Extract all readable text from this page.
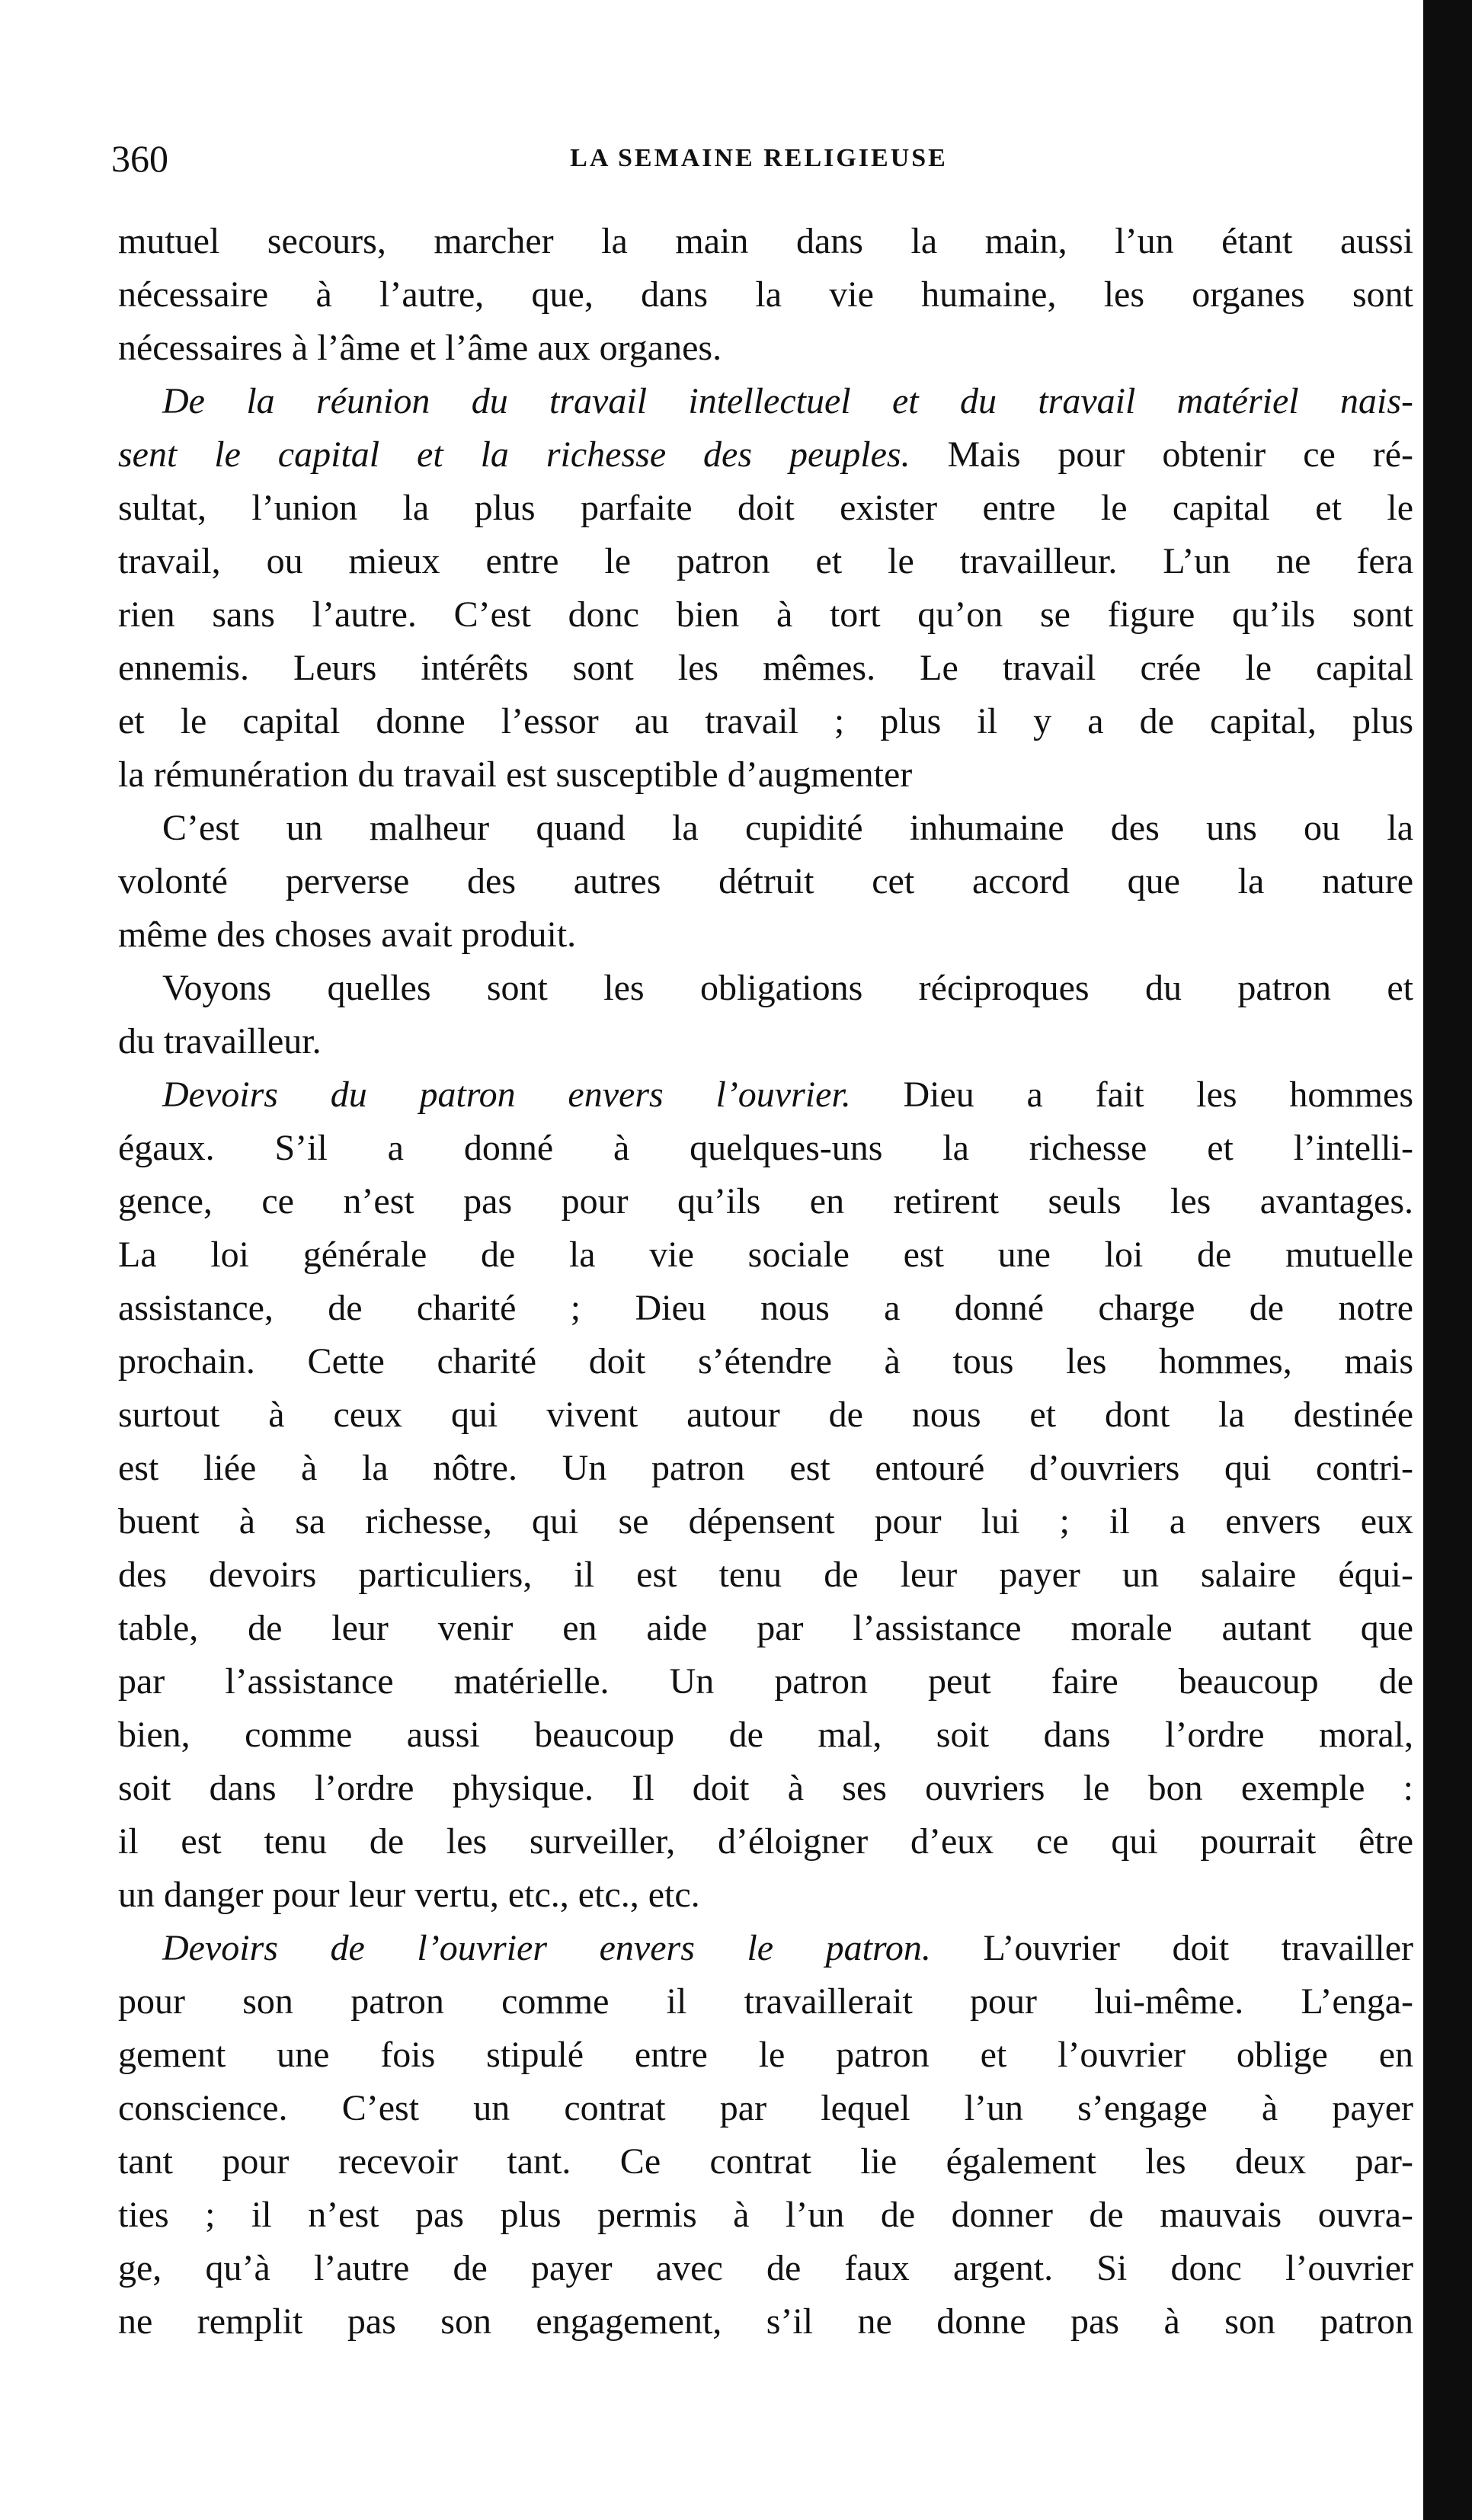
360	LA SEMAINE RELIGIEUSE
mutuel secours, marcher la main dans la main, l’un étant aussi
nécessaire à l’autre, que, dans la vie humaine, les organes sont
nécessaires à l’âme et l’âme aux organes.
De la réunion du travail intellectuel et du travail matériel nais-
sent le capital et la richesse des peuples. Mais pour obtenir ce ré-
sultat, l’union la plus parfaite doit exister entre le capital et le
travail, ou mieux entre le patron et le travailleur. L’un ne fera
rien sans l’autre. C’est donc bien à tort qu’on se figure qu’ils sont
ennemis. Leurs intérêts sont les mêmes. Le travail crée le capital
et le capital donne l’essor au travail ; plus il y a de capital, plus
la rémunération du travail est susceptible d’augmenter
C’est un malheur quand la cupidité inhumaine des uns ou la
volonté perverse des autres détruit cet accord que la nature
même des choses avait produit.
Voyons quelles sont les obligations réciproques du patron et
du travailleur.
Devoirs du patron envers l’ouvrier. Dieu a fait les hommes
égaux. S’il a donné à quelques-uns la richesse et l’intelli-
gence, ce n’est pas pour qu’ils en retirent seuls les avantages.
La loi générale de la vie sociale est une loi de mutuelle
assistance, de charité ; Dieu nous a donné charge de notre
prochain. Cette charité doit s’étendre à tous les hommes, mais
surtout à ceux qui vivent autour de nous et dont la destinée
est liée à la nôtre. Un patron est entouré d’ouvriers qui contri-
buent à sa richesse, qui se dépensent pour lui ; il a envers eux
des devoirs particuliers, il est tenu de leur payer un salaire équi-
table, de leur venir en aide par l’assistance morale autant que
par l’assistance matérielle. Un patron peut faire beaucoup de
bien, comme aussi beaucoup de mal, soit dans l’ordre moral,
soit dans l’ordre physique. Il doit à ses ouvriers le bon exemple :
il est tenu de les surveiller, d’éloigner d’eux ce qui pourrait être
un danger pour leur vertu, etc., etc., etc.
Devoirs de l’ouvrier envers le patron. L’ouvrier doit travailler
pour son patron comme il travaillerait pour lui-même. L’enga-
gement une fois stipulé entre le patron et l’ouvrier oblige en
conscience. C’est un contrat par lequel l’un s’engage à payer
tant pour recevoir tant. Ce contrat lie également les deux par-
ties ; il n’est pas plus permis à l’un de donner de mauvais ouvra-
ge, qu’à l’autre de payer avec de faux argent. Si donc l’ouvrier
ne remplit pas son engagement, s’il ne donne pas à son patron
